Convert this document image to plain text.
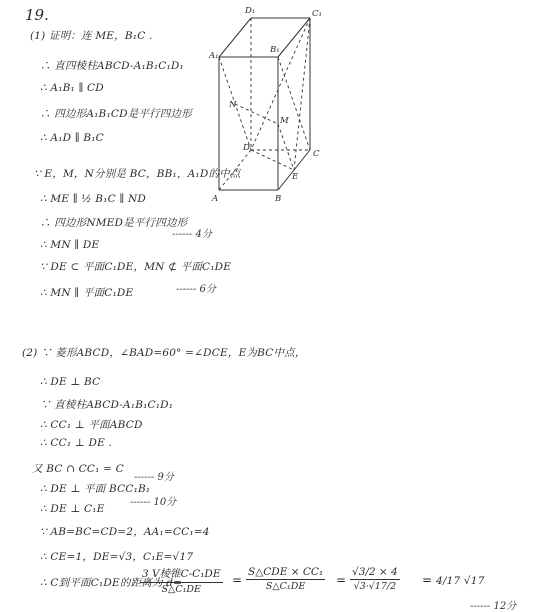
19.
(1) 证明：连 ME，B₁C .
∴ 直四棱柱ABCD-A₁B₁C₁D₁
∴ A₁B₁ ∥ CD
∴ 四边形A₁B₁CD是平行四边形
∴ A₁D ∥ B₁C
∵ E，M，N分别是 BC，BB₁，A₁D的中点
∴ ME ∥ ½ B₁C ∥ ND
∴ 四边形NMED是平行四边形
∴ MN ∥ DE
------ 4分
∵ DE ⊂ 平面C₁DE，MN ⊄ 平面C₁DE
∴ MN ∥ 平面C₁DE	------ 6分
D₁	C₁
A₁
B₁
N
M
D
C
E
A	B
(2) ∵ 菱形ABCD，∠BAD=60° =∠DCE，E为BC中点，
∴ DE ⊥ BC
∵ 直棱柱ABCD-A₁B₁C₁D₁
∴ CC₁ ⊥ 平面ABCD
∴ CC₁ ⊥ DE .
又 BC ∩ CC₁ = C
------ 9分
∴ DE ⊥ 平面 BCC₁B₁
------ 10分
∴ DE ⊥ C₁E
∵ AB=BC=CD=2，AA₁=CC₁=4
∴ CE=1，DE=√3，C₁E=√17
∴ C到平面C₁DE的距离为 d=
3 V棱锥C-C₁DE
S△C₁DE
=
S△CDE × CC₁
S△C₁DE	=
√3/2 × 4
√3·√17/2 = 4/17 √17
------ 12分
